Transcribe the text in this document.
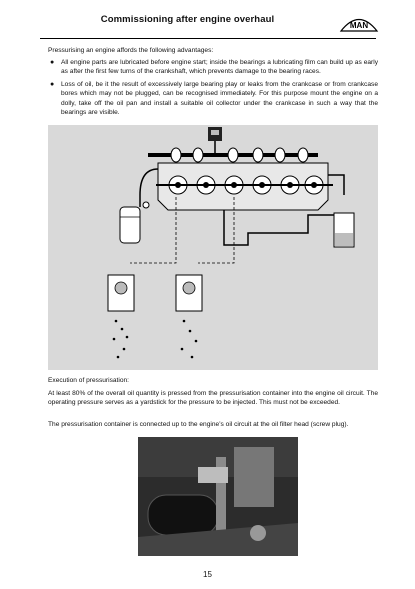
Commissioning after engine overhaul
MAN
Pressurising an engine affords the following advantages:
● All engine parts are lubricated before engine start; inside the bearings a lubricating film can build up as early as after the first few turns of the crankshaft, which prevents damage to the bearing races.
● Loss of oil, be it the result of excessively large bearing play or leaks from the crankcase or from crankcase bores which may not be plugged, can be recognised immediately. For this purpose mount the engine on a dolly, take off the oil pan and install a suitable oil collector under the crankcase in such a way that the bearings are visible.
Execution of pressurisation:
At least 80% of the overall oil quantity is pressed from the pressurisation container into the engine oil circuit. The operating pressure serves as a yardstick for the pressure to be injected. This must not be exceeded.
The pressurisation container is connected up to the engine’s oil circuit at the oil filter head (screw plug).
15
